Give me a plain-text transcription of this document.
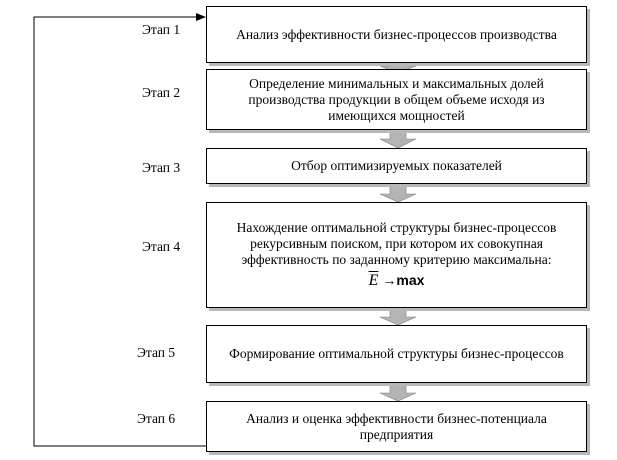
Этап 1
Этап 2
Этап 3
Этап 4
Этап 5
Этап 6
Анализ эффективности бизнес-процессов производства
Определение минимальных и максимальных долей производства продукции в общем объеме исходя из имеющихся мощностей
Отбор оптимизируемых показателей
Нахождение оптимальной структуры бизнес-процессов рекурсивным поиском, при котором их совокупная эффективность по заданному критерию максимальна:
$\overline{E} \to\max$
Формирование оптимальной структуры бизнес-процессов
Анализ и оценка эффективности бизнес-потенциала предприятия
